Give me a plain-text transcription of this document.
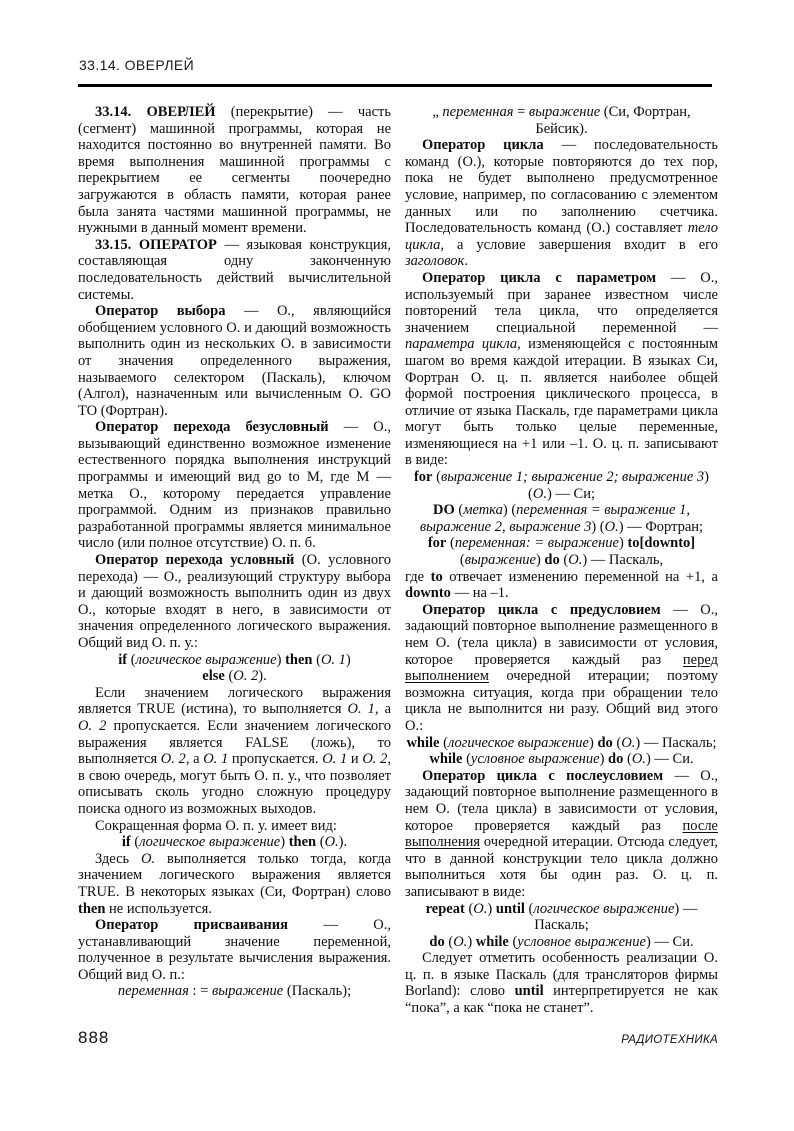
33.14. ОВЕРЛЕЙ
33.14. ОВЕРЛЕЙ (перекрытие) — часть (сегмент) машинной программы, которая не находится постоянно во внутренней памяти. Во время выполнения машинной программы с перекрытием ее сегменты поочередно загружаются в область памяти, которая ранее была занята частями машинной программы, не нужными в данный момент времени.
33.15. ОПЕРАТОР — языковая конструкция, составляющая одну законченную последовательность действий вычислительной системы.
Оператор выбора — О., являющийся обобщением условного О. и дающий возможность выполнить один из нескольких О. в зависимости от значения определенного выражения, называемого селектором (Паскаль), ключом (Алгол), назначенным или вычисленным О. GO TO (Фортран).
Оператор перехода безусловный — О., вызывающий единственно возможное изменение естественного порядка выполнения инструкций программы и имеющий вид go to M, где M — метка О., которому передается управление программой. Одним из признаков правильно разработанной программы является минимальное число (или полное отсутствие) О. п. б.
Оператор перехода условный (О. условного перехода) — О., реализующий структуру выбора и дающий возможность выполнить один из двух О., которые входят в него, в зависимости от значения определенного логического выражения. Общий вид О. п. у.:
if (логическое выражение) then (О. 1)
else (О. 2).
Если значением логического выражения является TRUE (истина), то выполняется О. 1, а О. 2 пропускается. Если значением логического выражения является FALSE (ложь), то выполняется О. 2, а О. 1 пропускается. О. 1 и О. 2, в свою очередь, могут быть О. п. у., что позволяет описывать сколь угодно сложную процедуру поиска одного из возможных выходов.
Сокращенная форма О. п. у. имеет вид:
if (логическое выражение) then (О.).
Здесь О. выполняется только тогда, когда значением логического выражения является TRUE. В некоторых языках (Си, Фортран) слово then не используется.
Оператор присваивания — О., устанавливающий значение переменной, полученное в результате вычисления выражения. Общий вид О. п.:
переменная : = выражение (Паскаль);
„ переменная = выражение (Си, Фортран, Бейсик).
Оператор цикла — последовательность команд (О.), которые повторяются до тех пор, пока не будет выполнено предусмотренное условие, например, по согласованию с элементом данных или по заполнению счетчика. Последовательность команд (О.) составляет тело цикла, а условие завершения входит в его заголовок.
Оператор цикла с параметром — О., используемый при заранее известном числе повторений тела цикла, что определяется значением специальной переменной — параметра цикла, изменяющейся с постоянным шагом во время каждой итерации. В языках Си, Фортран О. ц. п. является наиболее общей формой построения циклического процесса, в отличие от языка Паскаль, где параметрами цикла могут быть только целые переменные, изменяющиеся на +1 или –1. О. ц. п. записывают в виде:
for (выражение 1; выражение 2; выражение 3) (О.) — Си;
DO (метка) (переменная = выражение 1, выражение 2, выражение 3) (О.) — Фортран;
for (переменная: = выражение) to[downto] (выражение) do (О.) — Паскаль,
где to отвечает изменению переменной на +1, а downto — на –1.
Оператор цикла с предусловием — О., задающий повторное выполнение размещенного в нем О. (тела цикла) в зависимости от условия, которое проверяется каждый раз перед выполнением очередной итерации; поэтому возможна ситуация, когда при обращении тело цикла не выполнится ни разу. Общий вид этого О.:
while (логическое выражение) do (О.) — Паскаль;
while (условное выражение) do (О.) — Си.
Оператор цикла с послеусловием — О., задающий повторное выполнение размещенного в нем О. (тела цикла) в зависимости от условия, которое проверяется каждый раз после выполнения очередной итерации. Отсюда следует, что в данной конструкции тело цикла должно выполниться хотя бы один раз. О. ц. п. записывают в виде:
repeat (О.) until (логическое выражение) — Паскаль;
do (О.) while (условное выражение) — Си.
Следует отметить особенность реализации О. ц. п. в языке Паскаль (для трансляторов фирмы Borland): слово until интерпретируется не как “пока”, а как “пока не станет”.
888	РАДИОТЕХНИКА
